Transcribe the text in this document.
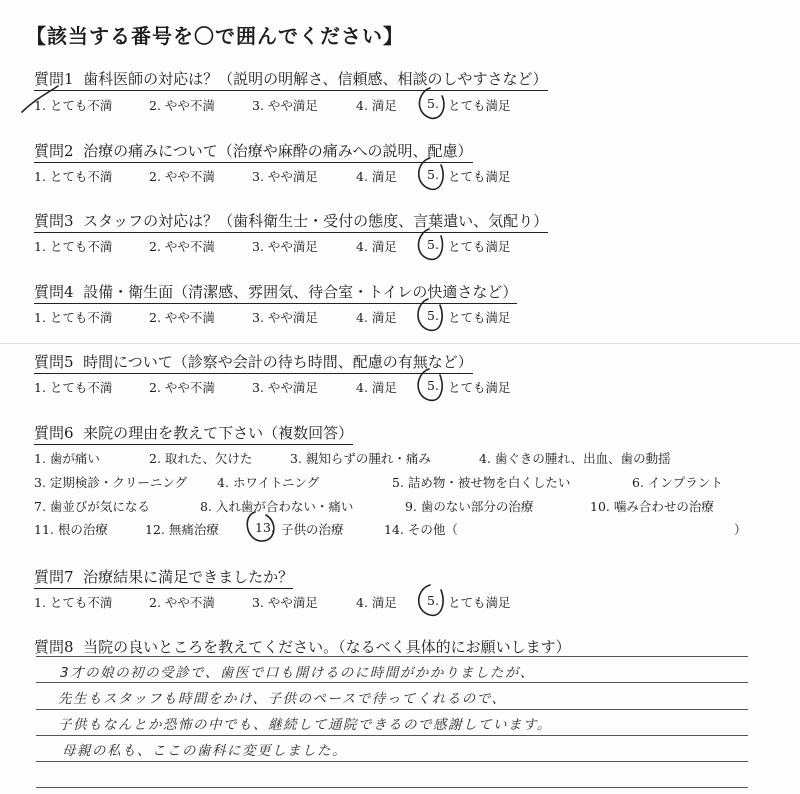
【該当する番号を〇で囲んでください】
質問1 歯科医師の対応は？（説明の明解さ、信頼感、相談のしやすさなど）
1. とても不満	2. やや不満	3. やや満足	4. 満足 5. とても満足
質問2 治療の痛みについて（治療や麻酔の痛みへの説明、配慮）
1. とても不満	2. やや不満	3. やや満足	4. 満足 5. とても満足
質問3 スタッフの対応は？（歯科衛生士・受付の態度、言葉遣い、気配り）
1. とても不満	2. やや不満	3. やや満足	4. 満足 5. とても満足
質問4 設備・衛生面（清潔感、雰囲気、待合室・トイレの快適さなど）
1. とても不満	2. やや不満	3. やや満足	4. 満足 5. とても満足
質問5 時間について（診察や会計の待ち時間、配慮の有無など）
1. とても不満	2. やや不満	3. やや満足	4. 満足 5. とても満足
質問6 来院の理由を教えて下さい（複数回答）
1. 歯が痛い	2. 取れた、欠けた	3. 親知らずの腫れ・痛み	4. 歯ぐきの腫れ、出血、歯の動揺
3. 定期検診・クリーニング 4. ホワイトニング	5. 詰め物・被せ物を白くしたい	6. インプラント
7. 歯並びが気になる	8. 入れ歯が合わない・痛い	9. 歯のない部分の治療	10. 噛み合わせの治療
11. 根の治療	12. 無痛治療	13. 子供の治療	14. その他（	）
質問7 治療結果に満足できましたか？
1. とても不満	2. やや不満	3. やや満足	4. 満足 5. とても満足
質問8 当院の良いところを教えてください。（なるべく具体的にお願いします）
3才の娘の初の受診で、歯医で口も開けるのに時間がかかりましたが、
先生もスタッフも時間をかけ、子供のペースで待ってくれるので、
子供もなんとか恐怖の中でも、継続して通院できるので感謝しています。
母親の私も、ここの歯科に変更しました。
